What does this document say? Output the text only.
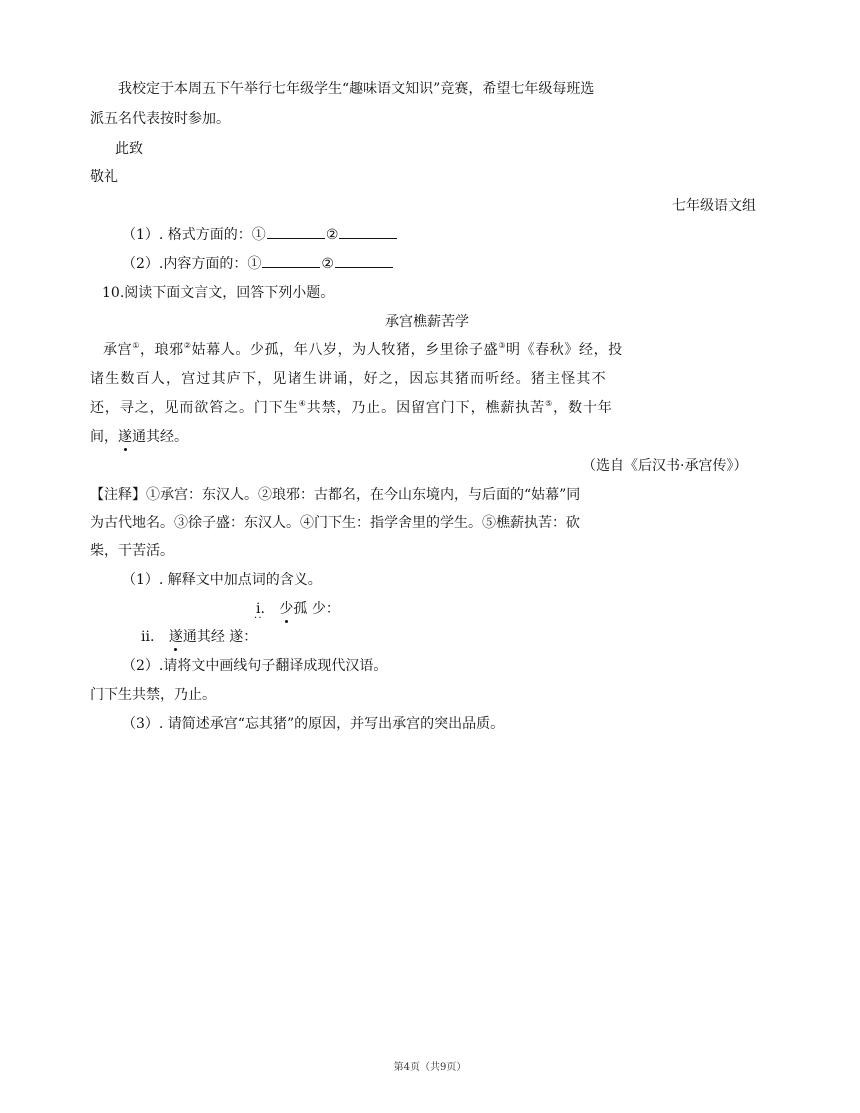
我校定于本周五下午举行七年级学生“趣味语文知识”竞赛，希望七年级每班选
派五名代表按时参加。
此致
敬礼
七年级语文组
（1）. 格式方面的：①	②
（2）.内容方面的：①	②
10.阅读下面文言文，回答下列小题。
承宫樵薪苦学
承宫①，琅邪②姑幕人。少孤，年八岁，为人牧猪，乡里徐子盛③明《春秋》经，投
诸生数百人，宫过其庐下，见诸生讲诵，好之，因忘其猪而听经。猪主怪其不
还，寻之，见而欲笞之。门下生④共禁，乃止。因留宫门下，樵薪执苦⑤，数十年
间，遂通其经。
（选自《后汉书·承宫传》）
【注释】①承宫：东汉人。②琅邪：古都名，在今山东境内，与后面的“姑幕”同
为古代地名。③徐子盛：东汉人。④门下生：指学舍里的学生。⑤樵薪执苦：砍
柴，干苦活。
（1）. 解释文中加点词的含义。
i. · · 少孤 少：
ii. 遂通其经 遂：
（2）.请将文中画线句子翻译成现代汉语。
门下生共禁，乃止。
（3）. 请简述承宫“忘其猪”的原因，并写出承宫的突出品质。
第4页（共9页）
